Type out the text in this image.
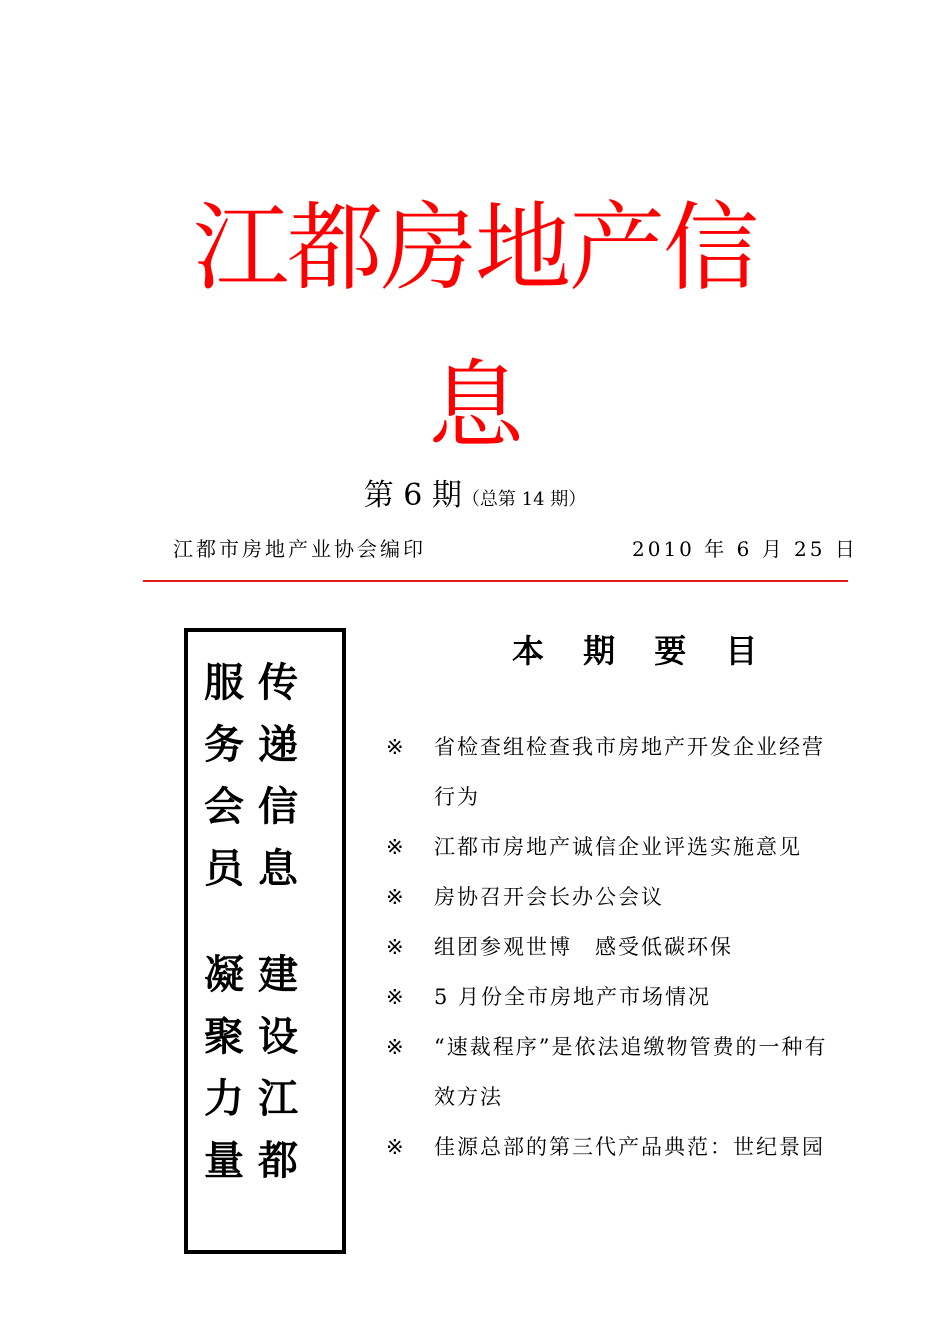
江都房地产信
息
第 6 期（总第 14 期）
江都市房地产业协会编印	2010 年 6 月 25 日
服
务
会
员
凝
聚
力
量
传
递
信
息
建
设
江
都
本 期 要 目
※ 省检查组检查我市房地产开发企业经营行为
※ 江都市房地产诚信企业评选实施意见
※ 房协召开会长办公会议
※ 组团参观世博　感受低碳环保
※ 5 月份全市房地产市场情况
※ “速裁程序”是依法追缴物管费的一种有效方法
※ 佳源总部的第三代产品典范：世纪景园
